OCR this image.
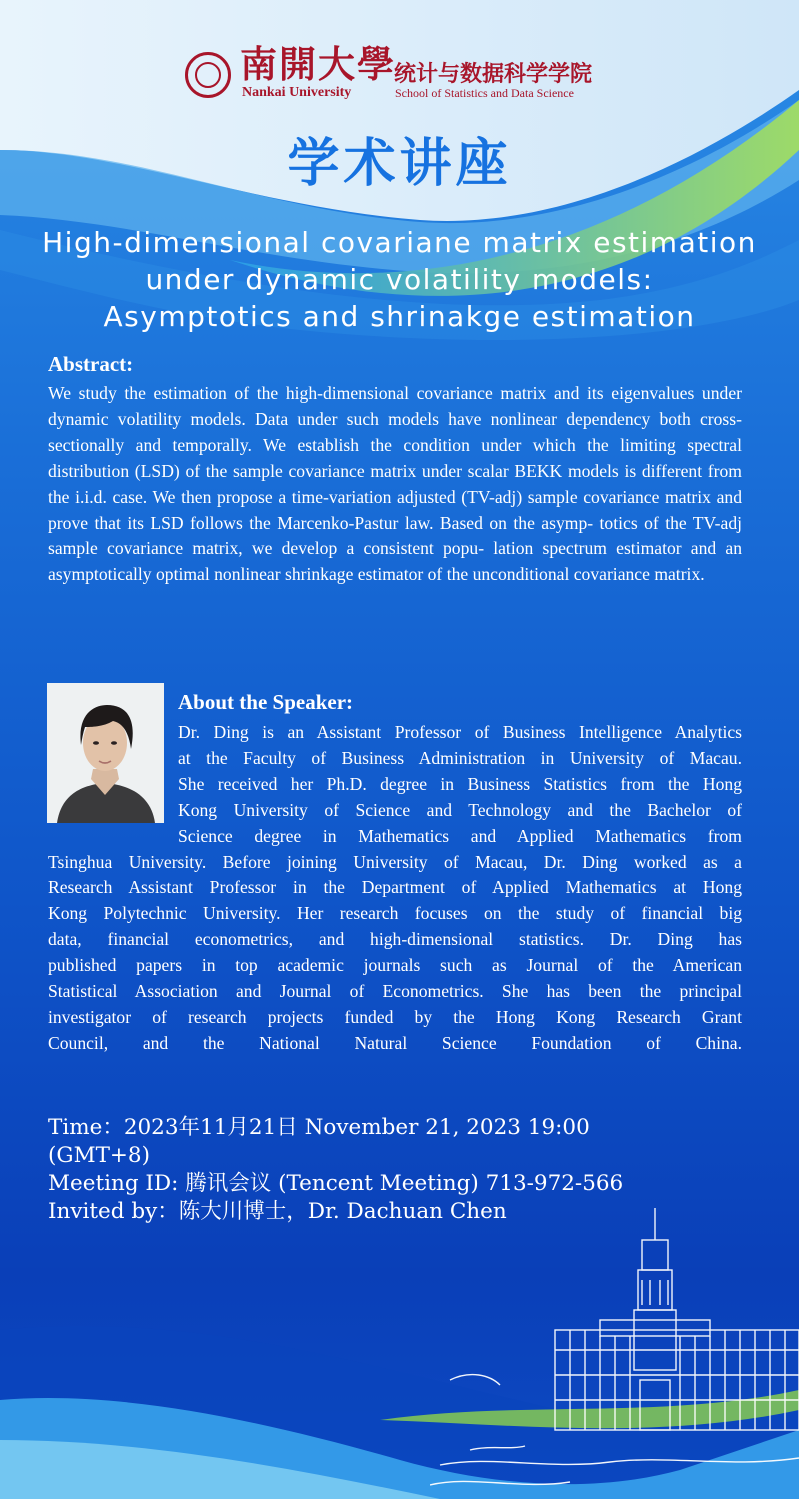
南開大學
Nankai University
统计与数据科学学院
School of Statistics and Data Science
学术讲座
High-dimensional covariane matrix estimation
under dynamic volatility models:
Asymptotics and shrinakge estimation
Abstract:
We study the estimation of the high-dimensional covariance matrix and its eigenvalues under dynamic volatility models. Data under such models have nonlinear dependency both cross-sectionally and temporally. We establish the condition under which the limiting spectral distribution (LSD) of the sample covariance matrix under scalar BEKK models is different from the i.i.d. case. We then propose a time-variation adjusted (TV-adj) sample covariance matrix and prove that its LSD follows the Marcenko-Pastur law. Based on the asymp- totics of the TV-adj sample covariance matrix, we develop a consistent popu- lation spectrum estimator and an asymptotically optimal nonlinear shrinkage estimator of the unconditional covariance matrix.
About the Speaker:
Dr. Ding is an Assistant Professor of Business Intelligence Analytics
at the Faculty of Business Administration in University of Macau.
She received her Ph.D. degree in Business Statistics from the Hong
Kong University of Science and Technology and the Bachelor of
Science degree in Mathematics and Applied Mathematics from
Tsinghua University. Before joining University of Macau, Dr. Ding worked as a
Research Assistant Professor in the Department of Applied Mathematics at Hong
Kong Polytechnic University. Her research focuses on the study of financial big
data, financial econometrics, and high-dimensional statistics. Dr. Ding has
published papers in top academic journals such as Journal of the American
Statistical Association and Journal of Econometrics. She has been the principal
investigator of research projects funded by the Hong Kong Research Grant
Council, and the National Natural Science Foundation of China.
Time：2023年11月21日 November 21, 2023 19:00
(GMT+8)
Meeting ID: 腾讯会议 (Tencent Meeting) 713-972-566
Invited by：陈大川博士，Dr. Dachuan Chen
